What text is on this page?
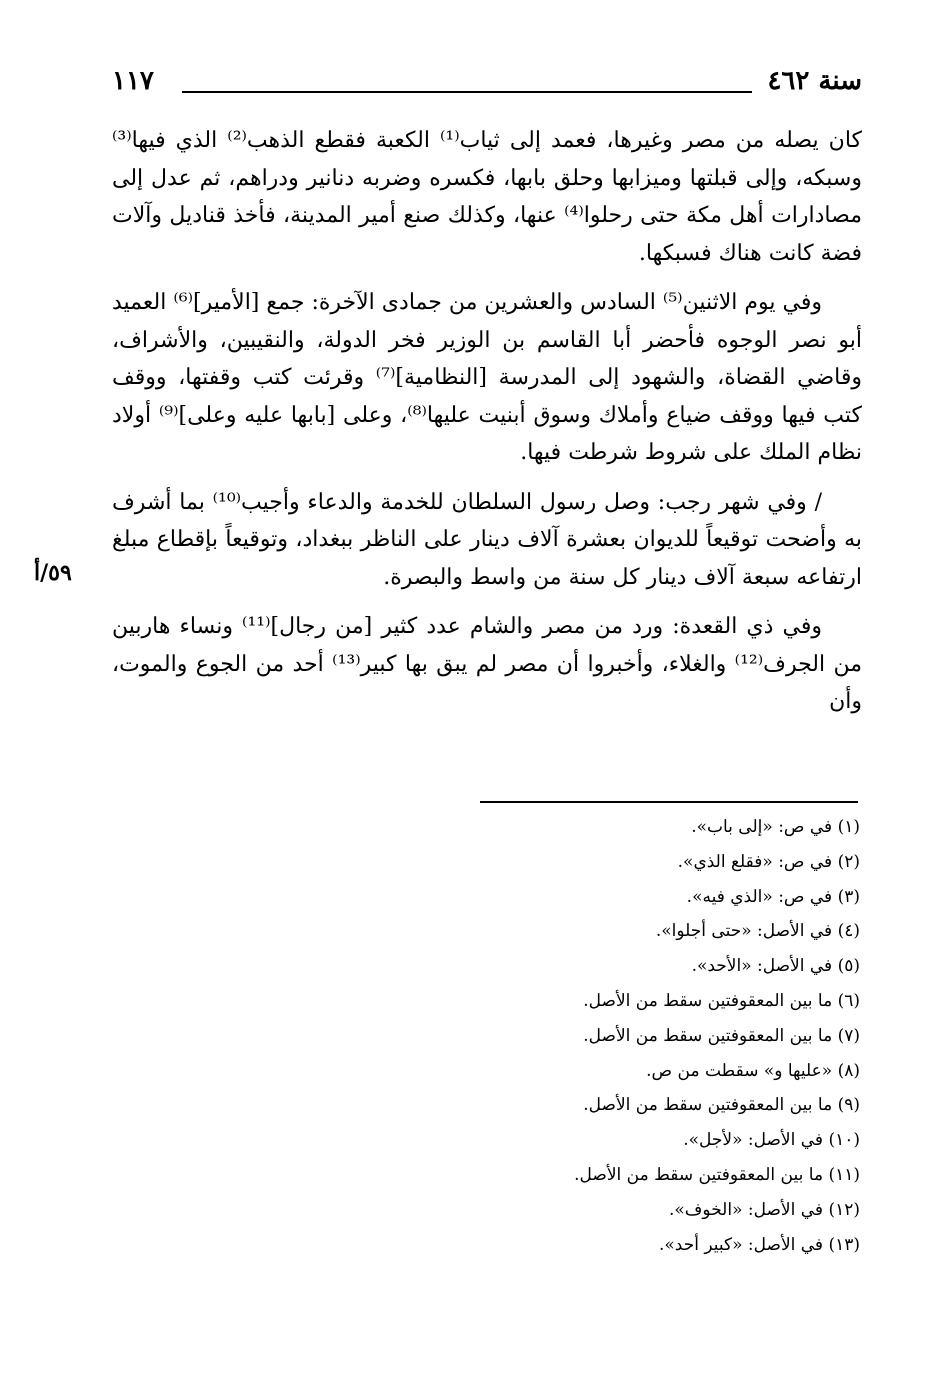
سنة ٤٦٢
١١٧

كان يصله من مصر وغيرها، فعمد إلى ثياب⁽¹⁾ الكعبة فقطع الذهب⁽²⁾ الذي فيها⁽³⁾ وسبكه، وإلى قبلتها وميزابها وحلق بابها، فكسره وضربه دنانير ودراهم، ثم عدل إلى مصادارات أهل مكة حتى رحلوا⁽⁴⁾ عنها، وكذلك صنع أمير المدينة، فأخذ قناديل وآلات فضة كانت هناك فسبكها.

وفي يوم الاثنين⁽⁵⁾ السادس والعشرين من جمادى الآخرة: جمع [الأمير]⁽⁶⁾ العميد أبو نصر الوجوه فأحضر أبا القاسم بن الوزير فخر الدولة، والنقيبين، والأشراف، وقاضي القضاة، والشهود إلى المدرسة [النظامية]⁽⁷⁾ وقرئت كتب وقفتها، ووقف كتب فيها ووقف ضياع وأملاك وسوق أبنيت عليها⁽⁸⁾، وعلى [بابها عليه وعلى]⁽⁹⁾ أولاد نظام الملك على شروط شرطت فيها.

/ وفي شهر رجب: وصل رسول السلطان للخدمة والدعاء وأجيب⁽¹⁰⁾ بما أشرف به وأضحت توقيعاً للديوان بعشرة آلاف دينار على الناظر ببغداد، وتوقيعاً بإقطاع مبلغ ارتفاعه سبعة آلاف دينار كل سنة من واسط والبصرة.

وفي ذي القعدة: ورد من مصر والشام عدد كثير [من رجال]⁽¹¹⁾ ونساء هاربين من الجرف⁽¹²⁾ والغلاء، وأخبروا أن مصر لم يبق بها كبير⁽¹³⁾ أحد من الجوع والموت، وأن

٥٩/أ
(١) في ص: «إلى باب».
(٢) في ص: «فقلع الذي».
(٣) في ص: «الذي فيه».
(٤) في الأصل: «حتى أجلوا».
(٥) في الأصل: «الأحد».
(٦) ما بين المعقوفتين سقط من الأصل.
(٧) ما بين المعقوفتين سقط من الأصل.
(٨) «عليها و» سقطت من ص.
(٩) ما بين المعقوفتين سقط من الأصل.
(١٠) في الأصل: «لأجل».
(١١) ما بين المعقوفتين سقط من الأصل.
(١٢) في الأصل: «الخوف».
(١٣) في الأصل: «كبير أحد».
